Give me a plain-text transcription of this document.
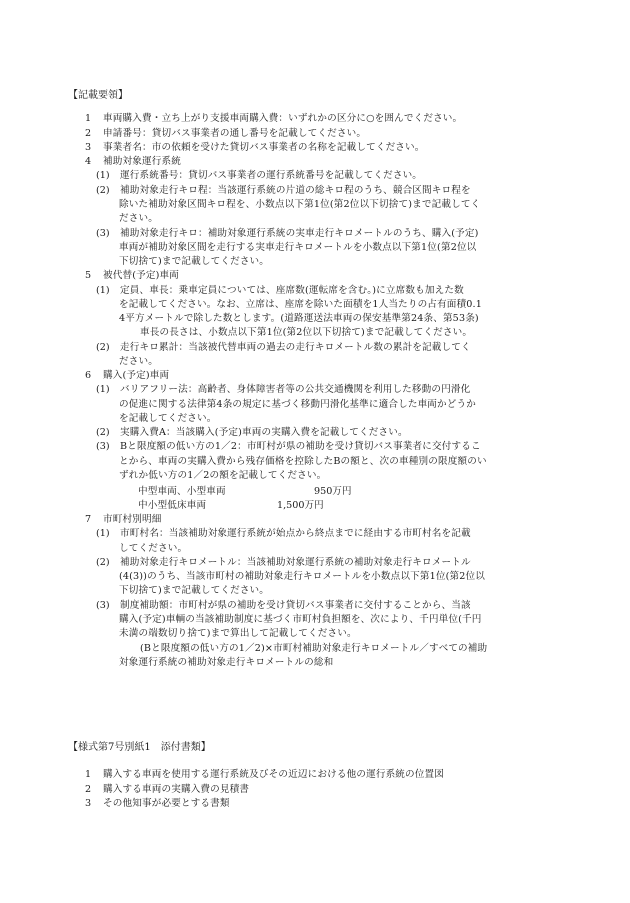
【記載要領】
1 車両購入費・立ち上がり支援車両購入費：いずれかの区分に○を囲んでください。
2 申請番号：貸切バス事業者の通し番号を記載してください。
3 事業者名：市の依頼を受けた貸切バス事業者の名称を記載してください。
4 補助対象運行系統
(1) 運行系統番号：貸切バス事業者の運行系統番号を記載してください。
(2) 補助対象走行キロ程：当該運行系統の片道の総キロ程のうち、競合区間キロ程を
除いた補助対象区間キロ程を、小数点以下第1位(第2位以下切捨て)まで記載してく
ださい。
(3) 補助対象走行キロ：補助対象運行系統の実車走行キロメートルのうち、購入(予定)
車両が補助対象区間を走行する実車走行キロメートルを小数点以下第1位(第2位以
下切捨て)まで記載してください。
5 被代替(予定)車両
(1) 定員、車長：乗車定員については、座席数(運転席を含む。)に立席数も加えた数
を記載してください。なお、立席は、座席を除いた面積を1人当たりの占有面積0.1
4平方メートルで除した数とします。(道路運送法車両の保安基準第24条、第53条)
車長の長さは、小数点以下第1位(第2位以下切捨て)まで記載してください。
(2) 走行キロ累計：当該被代替車両の過去の走行キロメートル数の累計を記載してく
ださい。
6 購入(予定)車両
(1) バリアフリー法：高齢者、身体障害者等の公共交通機関を利用した移動の円滑化
の促進に関する法律第4条の規定に基づく移動円滑化基準に適合した車両かどうか
を記載してください。
(2) 実購入費A：当該購入(予定)車両の実購入費を記載してください。
(3) Bと限度額の低い方の1／2：市町村が県の補助を受け貸切バス事業者に交付するこ
とから、車両の実購入費から残存価格を控除したBの額と、次の車種別の限度額のい
ずれか低い方の1／2の額を記載してください。
中型車両、小型車両
中小型低床車両
7 市町村別明細
(1) 市町村名：当該補助対象運行系統が始点から終点までに経由する市町村名を記載
してください。
(2) 補助対象走行キロメートル：当該補助対象運行系統の補助対象走行キロメートル
(4(3))のうち、当該市町村の補助対象走行キロメートルを小数点以下第1位(第2位以
下切捨て)まで記載してください。
(3) 制度補助額：市町村が県の補助を受け貸切バス事業者に交付することから、当該
購入(予定)車輌の当該補助制度に基づく市町村負担額を、次により、千円単位(千円
未満の端数切り捨て)まで算出して記載してください。
(Bと限度額の低い方の1／2)×市町村補助対象走行キロメートル／すべての補助
対象運行系統の補助対象走行キロメートルの総和
950万円
1,500万円
【様式第7号別紙1　添付書類】
1 購入する車両を使用する運行系統及びその近辺における他の運行系統の位置図
2 購入する車両の実購入費の見積書
3 その他知事が必要とする書類
